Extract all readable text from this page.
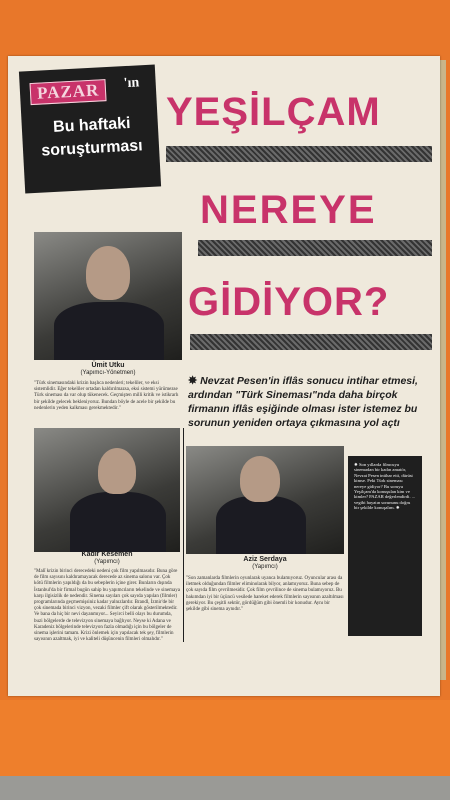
PAZAR	'ın
Bu haftaki
soruşturması
YEŞİLÇAM
NEREYE
GİDİYOR?
Ümit Utku
(Yapımcı-Yönetmen)
"Türk sinemasındaki krizin başlıca nedenleri; tekeliler, ve eksi sistemlidir. Eğer tekeliler ortadan kaldırılmazsa, eksi sistemi yürümezse Türk sineması da var olup tükenecek. Geçmişten milli kritik ve istikrarlı bir şekilde gelecek bekleniyoruz. Bundan böyle de acele bir şekilde bu nedenlerin yeden kalkması gerekmektedir."
✸ Nevzat Pesen'in iflâs sonucu intihar etmesi, ardından "Türk Sineması"nda daha birçok firmanın iflâs eşiğinde olması ister istemez bu sorunun yeniden ortaya çıkmasına yol açtı
Kadir Kesemen
(Yapımcı)
"Malî krizin birinci derecedeki nedeni çok film yapılmasıdır. Buna göre de film sayısını kaldıramayacak derecede az sinema salonu var. Çok kötü filmlerin yapıldığı da bu sebeplerin içine girer. Bunların dışında İstanbul'da bir firmal bugün sahip bu yapımcıların tekelinde ve sinemaya karşı ilgisizlik de nedendir. Sinema sayıları çok sayıda yapılan (filmler) programlarında geçmemişsiniz kadar yalnızlardır. Brandl, İzmir'de bir çok sinemada birinci vizyon, vezaki filmler çift olarak gösterilmektedir. Ve bana da hiç bir nevi dayanmıyor... Seyirci belli olayı bu durumda, buzi bölgelerde de televizyon sinemaya bağlıyor. Neyse ki Adana ve Karadeniz bölgelerinde televizyon fazla olmadığı için bu bölgeler de sinema işlerini tamam. Krizi önlemek için yapılacak tek şey, filmlerin sayısının azaltmak, iyi ve kaliteli düşüncenin filmleri olmalıdır."
Aziz Serdaya
(Yapımcı)
"Son zamanlarda filmlerin oyunlarak uyanca bulamıyoruz. Oyuncular arası da iletmek olduğundan filmler eliminolarak bilyor, anlamıyoruz. Buna sebep de çok sayıda film çevrilmesidir. Çok film çevrilince de sinema bulamıyoruz. Bu bakımdan iyi bir üçüncü vesilede hareket ederek filmlerin sayısının azaltılması gerekiyor. Bu çeşitli sektör, gördüğüm gibi önemli bir konudur. Aynı bir şekilde gibi sinema aynıdır."
✸ Son yıllarda filmcuyu sinemadan bir kadın amatör, Nevzat Pesen intihar etti, dürüst kimse. Peki Türk sineması nereye gidiyor? Bu soruyu Yeşilçam'da konuşulan kim ve kimler? PAZAR değerlendirdi. ... vegibi hayatın sorununu doğru bir şekilde konuşalım. ✸
